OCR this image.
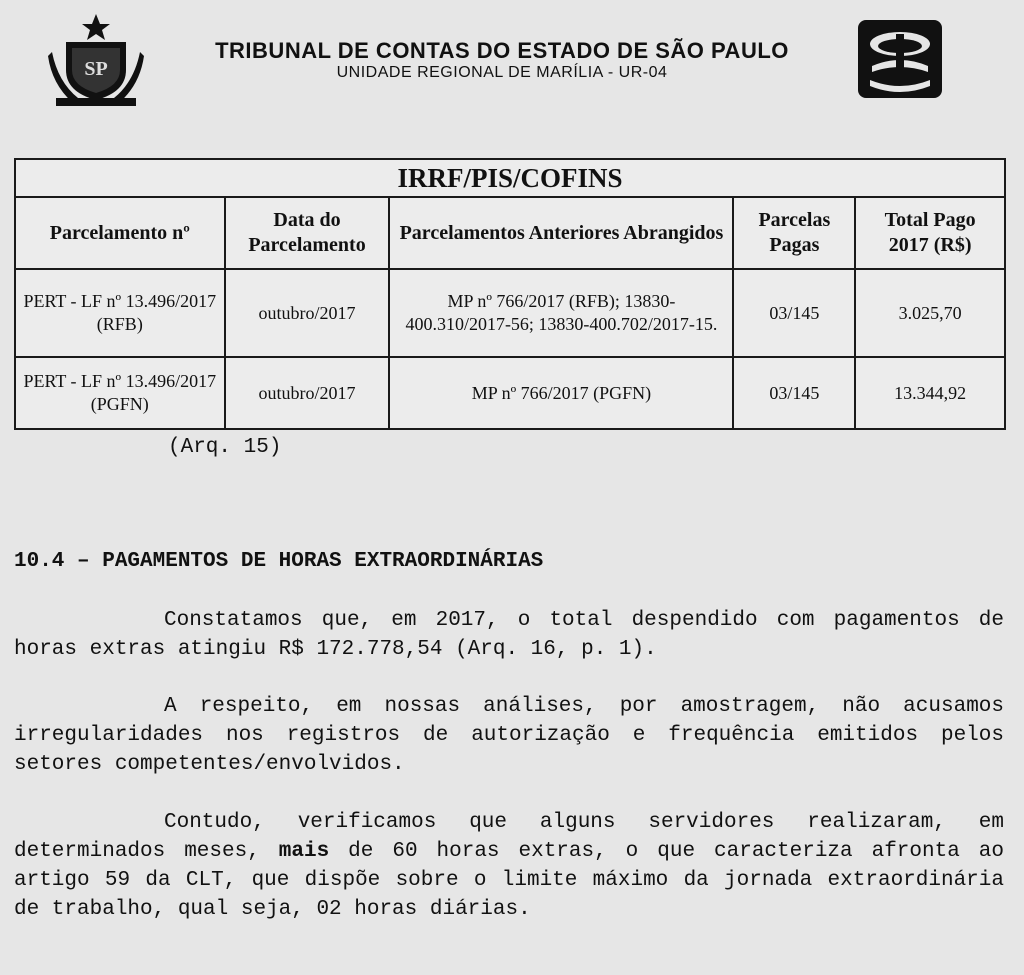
SP
TRIBUNAL DE CONTAS DO ESTADO DE SÃO PAULO
UNIDADE REGIONAL DE MARÍLIA - UR-04
IRRF/PIS/COFINS				
Parcelamento nº	Data do Parcelamento	Parcelamentos Anteriores Abrangidos	Parcelas Pagas	Total Pago 2017 (R$)
PERT - LF nº 13.496/2017 (RFB)	outubro/2017	MP nº 766/2017 (RFB); 13830-400.310/2017-56; 13830-400.702/2017-15.	03/145	3.025,70
PERT - LF nº 13.496/2017 (PGFN)	outubro/2017	MP nº 766/2017 (PGFN)	03/145	13.344,92
(Arq. 15)
10.4 – PAGAMENTOS DE HORAS EXTRAORDINÁRIAS

Constatamos que, em 2017, o total despendido com pagamentos de horas extras atingiu R$ 172.778,54 (Arq. 16, p. 1).

A respeito, em nossas análises, por amostragem, não acusamos irregularidades nos registros de autorização e frequência emitidos pelos setores competentes/envolvidos.

Contudo, verificamos que alguns servidores realizaram, em determinados meses, mais de 60 horas extras, o que caracteriza afronta ao artigo 59 da CLT, que dispõe sobre o limite máximo da jornada extraordinária de trabalho, qual seja, 02 horas diárias.
